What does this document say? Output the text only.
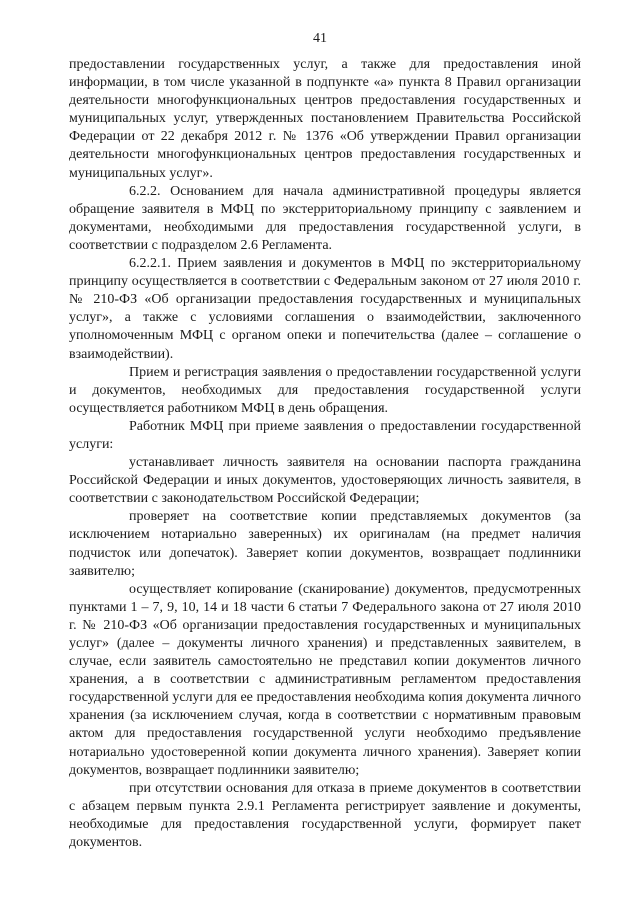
41

предоставлении государственных услуг, а также для предоставления иной информации, в том числе указанной в подпункте «а» пункта 8 Правил организации деятельности многофункциональных центров предоставления государственных и муниципальных услуг, утвержденных постановлением Правительства Российской Федерации от 22 декабря 2012 г. № 1376 «Об утверждении Правил организации деятельности многофункциональных центров предоставления государственных и муниципальных услуг».

6.2.2. Основанием для начала административной процедуры является обращение заявителя в МФЦ по экстерриториальному принципу с заявлением и документами, необходимыми для предоставления государственной услуги, в соответствии с подразделом 2.6 Регламента.

6.2.2.1. Прием заявления и документов в МФЦ по экстерриториальному принципу осуществляется в соответствии с Федеральным законом от 27 июля 2010 г. № 210-ФЗ «Об организации предоставления государственных и муниципальных услуг», а также с условиями соглашения о взаимодействии, заключенного уполномоченным МФЦ с органом опеки и попечительства (далее – соглашение о взаимодействии).

Прием и регистрация заявления о предоставлении государственной услуги и документов, необходимых для предоставления государственной услуги осуществляется работником МФЦ в день обращения.

Работник МФЦ при приеме заявления о предоставлении государственной услуги:

устанавливает личность заявителя на основании паспорта гражданина Российской Федерации и иных документов, удостоверяющих личность заявителя, в соответствии с законодательством Российской Федерации;

проверяет на соответствие копии представляемых документов (за исключением нотариально заверенных) их оригиналам (на предмет наличия подчисток или допечаток). Заверяет копии документов, возвращает подлинники заявителю;

осуществляет копирование (сканирование) документов, предусмотренных пунктами 1 – 7, 9, 10, 14 и 18 части 6 статьи 7 Федерального закона от 27 июля 2010 г. № 210-ФЗ «Об организации предоставления государственных и муниципальных услуг» (далее – документы личного хранения) и представленных заявителем, в случае, если заявитель самостоятельно не представил копии документов личного хранения, а в соответствии с административным регламентом предоставления государственной услуги для ее предоставления необходима копия документа личного хранения (за исключением случая, когда в соответствии с нормативным правовым актом для предоставления государственной услуги необходимо предъявление нотариально удостоверенной копии документа личного хранения). Заверяет копии документов, возвращает подлинники заявителю;

при отсутствии основания для отказа в приеме документов в соответствии с абзацем первым пункта 2.9.1 Регламента регистрирует заявление и документы, необходимые для предоставления государственной услуги, формирует пакет документов.
